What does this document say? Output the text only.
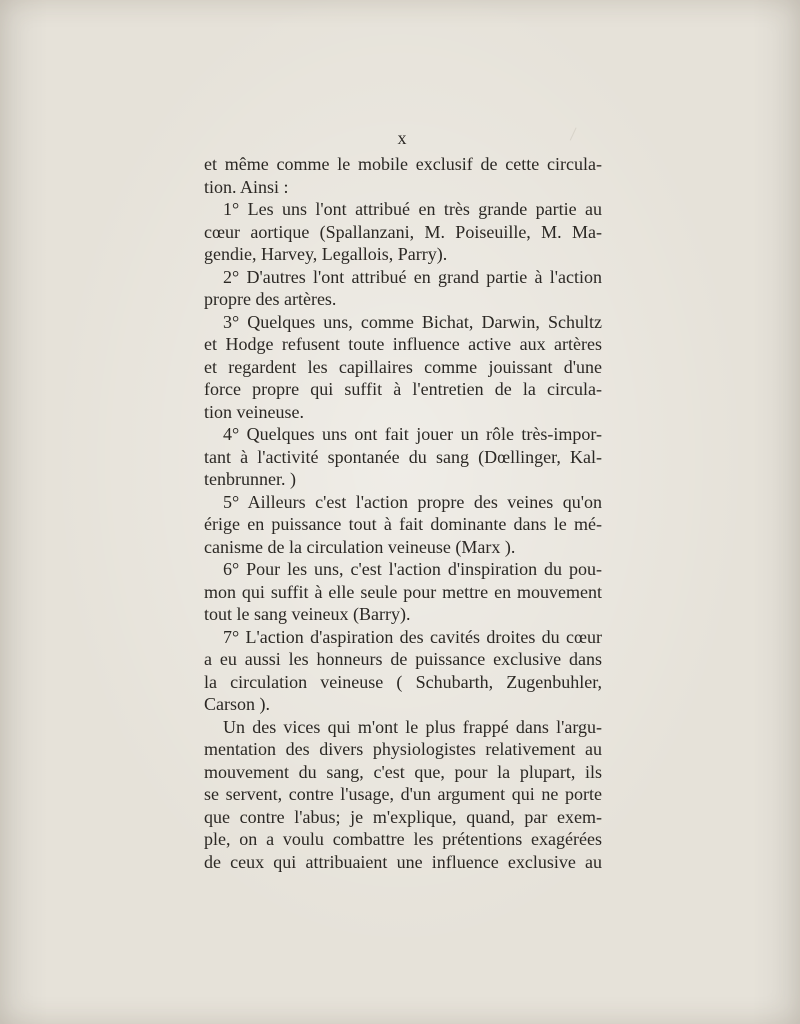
x
et même comme le mobile exclusif de cette circula-
tion. Ainsi :
1° Les uns l'ont attribué en très grande partie au
cœur aortique (Spallanzani, M. Poiseuille, M. Ma-
gendie, Harvey, Legallois, Parry).
2° D'autres l'ont attribué en grand partie à l'action
propre des artères.
3° Quelques uns, comme Bichat, Darwin, Schultz
et Hodge refusent toute influence active aux artères
et regardent les capillaires comme jouissant d'une
force propre qui suffit à l'entretien de la circula-
tion veineuse.
4° Quelques uns ont fait jouer un rôle très-impor-
tant à l'activité spontanée du sang (Dœllinger, Kal-
tenbrunner. )
5° Ailleurs c'est l'action propre des veines qu'on
érige en puissance tout à fait dominante dans le mé-
canisme de la circulation veineuse (Marx ).
6° Pour les uns, c'est l'action d'inspiration du pou-
mon qui suffit à elle seule pour mettre en mouvement
tout le sang veineux (Barry).
7° L'action d'aspiration des cavités droites du cœur
a eu aussi les honneurs de puissance exclusive dans
la circulation veineuse ( Schubarth, Zugenbuhler,
Carson ).
Un des vices qui m'ont le plus frappé dans l'argu-
mentation des divers physiologistes relativement au
mouvement du sang, c'est que, pour la plupart, ils
se servent, contre l'usage, d'un argument qui ne porte
que contre l'abus; je m'explique, quand, par exem-
ple, on a voulu combattre les prétentions exagérées
de ceux qui attribuaient une influence exclusive au
